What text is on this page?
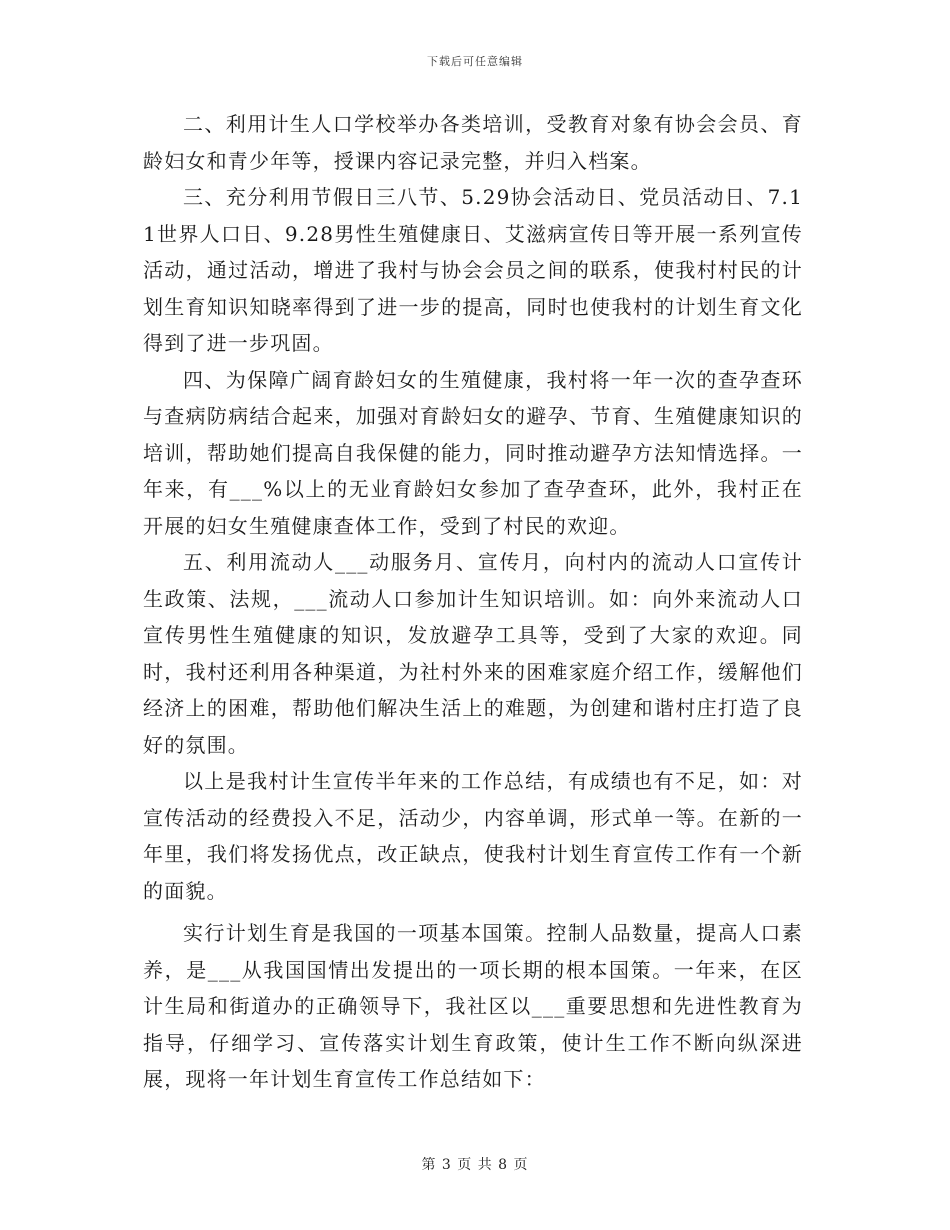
下载后可任意编辑

二、利用计生人口学校举办各类培训，受教育对象有协会会员、育龄妇女和青少年等，授课内容记录完整，并归入档案。

三、充分利用节假日三八节、5.29协会活动日、党员活动日、7.11世界人口日、9.28男性生殖健康日、艾滋病宣传日等开展一系列宣传活动，通过活动，增进了我村与协会会员之间的联系，使我村村民的计划生育知识知晓率得到了进一步的提高，同时也使我村的计划生育文化得到了进一步巩固。

四、为保障广阔育龄妇女的生殖健康，我村将一年一次的查孕查环与查病防病结合起来，加强对育龄妇女的避孕、节育、生殖健康知识的培训，帮助她们提高自我保健的能力，同时推动避孕方法知情选择。一年来，有___%以上的无业育龄妇女参加了查孕查环，此外，我村正在开展的妇女生殖健康查体工作，受到了村民的欢迎。

五、利用流动人___动服务月、宣传月，向村内的流动人口宣传计生政策、法规，___流动人口参加计生知识培训。如：向外来流动人口宣传男性生殖健康的知识，发放避孕工具等，受到了大家的欢迎。同时，我村还利用各种渠道，为社村外来的困难家庭介绍工作，缓解他们经济上的困难，帮助他们解决生活上的难题，为创建和谐村庄打造了良好的氛围。

以上是我村计生宣传半年来的工作总结，有成绩也有不足，如：对宣传活动的经费投入不足，活动少，内容单调，形式单一等。在新的一年里，我们将发扬优点，改正缺点，使我村计划生育宣传工作有一个新的面貌。

实行计划生育是我国的一项基本国策。控制人品数量，提高人口素养，是___从我国国情出发提出的一项长期的根本国策。一年来，在区计生局和街道办的正确领导下，我社区以___重要思想和先进性教育为指导，仔细学习、宣传落实计划生育政策，使计生工作不断向纵深进展，现将一年计划生育宣传工作总结如下：

第 3 页 共 8 页
